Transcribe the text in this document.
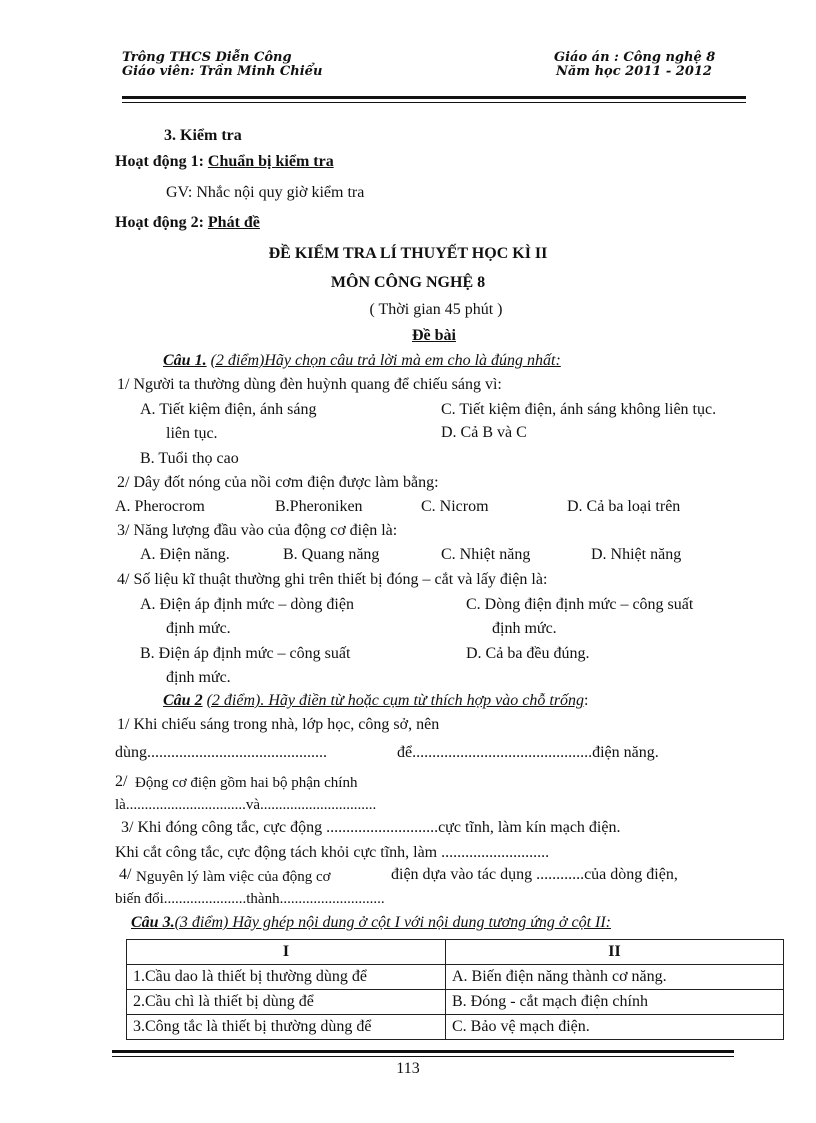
Trông THCS Diễn Công
Giáo viên: Trần Minh Chiểu
Giáo án : Công nghệ 8
Năm học 2011 - 2012
3. Kiểm tra
Hoạt động 1: Chuẩn bị kiểm tra
GV: Nhắc nội quy giờ kiểm tra
Hoạt động 2: Phát đề
ĐỀ KIỂM TRA LÍ THUYẾT HỌC KÌ II
MÔN CÔNG NGHỆ 8
( Thời gian 45 phút )
Đề bài
Câu 1. (2 điểm)Hãy chọn câu trả lời mà em cho là đúng nhất:
1/ Người ta thường dùng đèn huỳnh quang để chiếu sáng vì:
A. Tiết kiệm điện, ánh sáng
liên tục.
C. Tiết kiệm điện, ánh sáng không liên tục.
D. Cả B và C
B. Tuổi thọ cao
2/ Dây đốt nóng của nồi cơm điện được làm bằng:
A. Pherocrom	B.Pheroniken	C. Nicrom	D. Cả ba loại trên
3/ Năng lượng đầu vào của động cơ điện là:
A. Điện năng.	B. Quang năng	C. Nhiệt năng	D. Nhiệt năng
4/ Số liệu kĩ thuật thường ghi trên thiết bị đóng – cắt và lấy điện là:
A. Điện áp định mức – dòng điện
định mức.
C. Dòng điện định mức – công suất
định mức.
B. Điện áp định mức – công suất
định mức.
D. Cả ba đều đúng.
Câu 2 (2 điểm). Hãy điền từ hoặc cụm từ thích hợp vào chỗ trống:
1/ Khi chiếu sáng trong nhà, lớp học, công sở, nên
dùng.............................................	để.............................................điện năng.
2/ Động cơ điện gồm hai bộ phận chính
là................................và...............................
3/ Khi đóng công tắc, cực động ............................cực tĩnh, làm kín mạch điện.
Khi cắt công tắc, cực động tách khỏi cực tĩnh, làm ...........................
4/ Nguyên lý làm việc của động cơ	điện dựa vào tác dụng ............của dòng điện,
biến đổi......................thành............................
Câu 3.(3 điểm) Hãy ghép nội dung ở cột I với nội dung tương ứng ở cột II:
I	II
1.Cầu dao là thiết bị thường dùng để	A. Biến điện năng thành cơ năng.
2.Cầu chì là thiết bị dùng để	B. Đóng - cắt mạch điện chính
3.Công tắc là thiết bị thường dùng để	C. Bảo vệ mạch điện.
113
